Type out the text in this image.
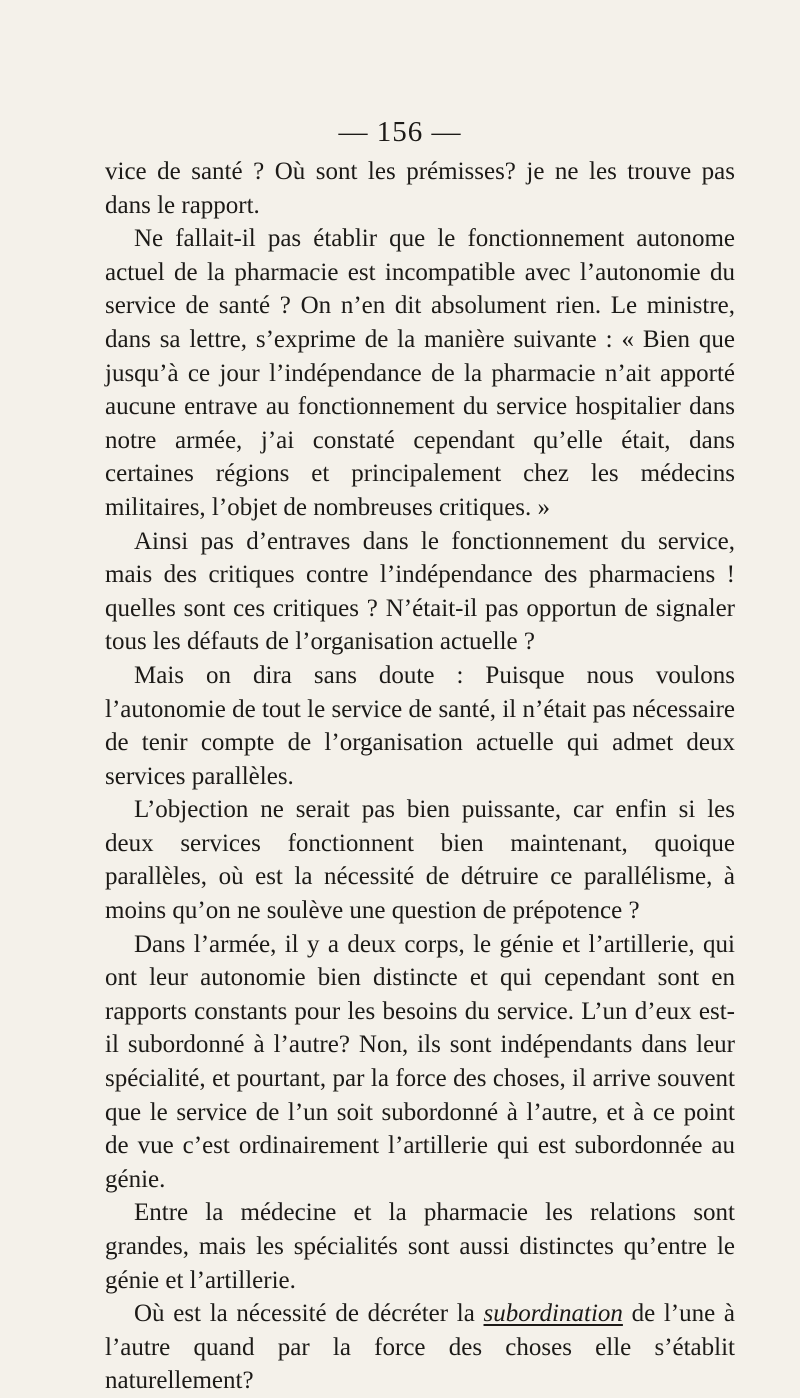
— 156 —

vice de santé ? Où sont les prémisses? je ne les trouve pas dans le rapport.

Ne fallait-il pas établir que le fonctionnement autonome actuel de la pharmacie est incompatible avec l’autonomie du service de santé ? On n’en dit absolument rien. Le ministre, dans sa lettre, s’exprime de la manière suivante : « Bien que jusqu’à ce jour l’indépendance de la pharmacie n’ait apporté aucune entrave au fonctionnement du service hospitalier dans notre armée, j’ai constaté cependant qu’elle était, dans certaines régions et principalement chez les médecins militaires, l’objet de nombreuses critiques. »

Ainsi pas d’entraves dans le fonctionnement du service, mais des critiques contre l’indépendance des pharmaciens ! quelles sont ces critiques ? N’était-il pas opportun de signaler tous les défauts de l’organisation actuelle ?

Mais on dira sans doute : Puisque nous voulons l’autonomie de tout le service de santé, il n’était pas nécessaire de tenir compte de l’organisation actuelle qui admet deux services parallèles.

L’objection ne serait pas bien puissante, car enfin si les deux services fonctionnent bien maintenant, quoique parallèles, où est la nécessité de détruire ce parallélisme, à moins qu’on ne soulève une question de prépotence ?

Dans l’armée, il y a deux corps, le génie et l’artillerie, qui ont leur autonomie bien distincte et qui cependant sont en rapports constants pour les besoins du service. L’un d’eux est-il subordonné à l’autre? Non, ils sont indépendants dans leur spécialité, et pourtant, par la force des choses, il arrive souvent que le service de l’un soit subordonné à l’autre, et à ce point de vue c’est ordinairement l’artillerie qui est subordonnée au génie.

Entre la médecine et la pharmacie les relations sont grandes, mais les spécialités sont aussi distinctes qu’entre le génie et l’artillerie.

Où est la nécessité de décréter la subordination de l’une à l’autre quand par la force des choses elle s’établit naturellement?
